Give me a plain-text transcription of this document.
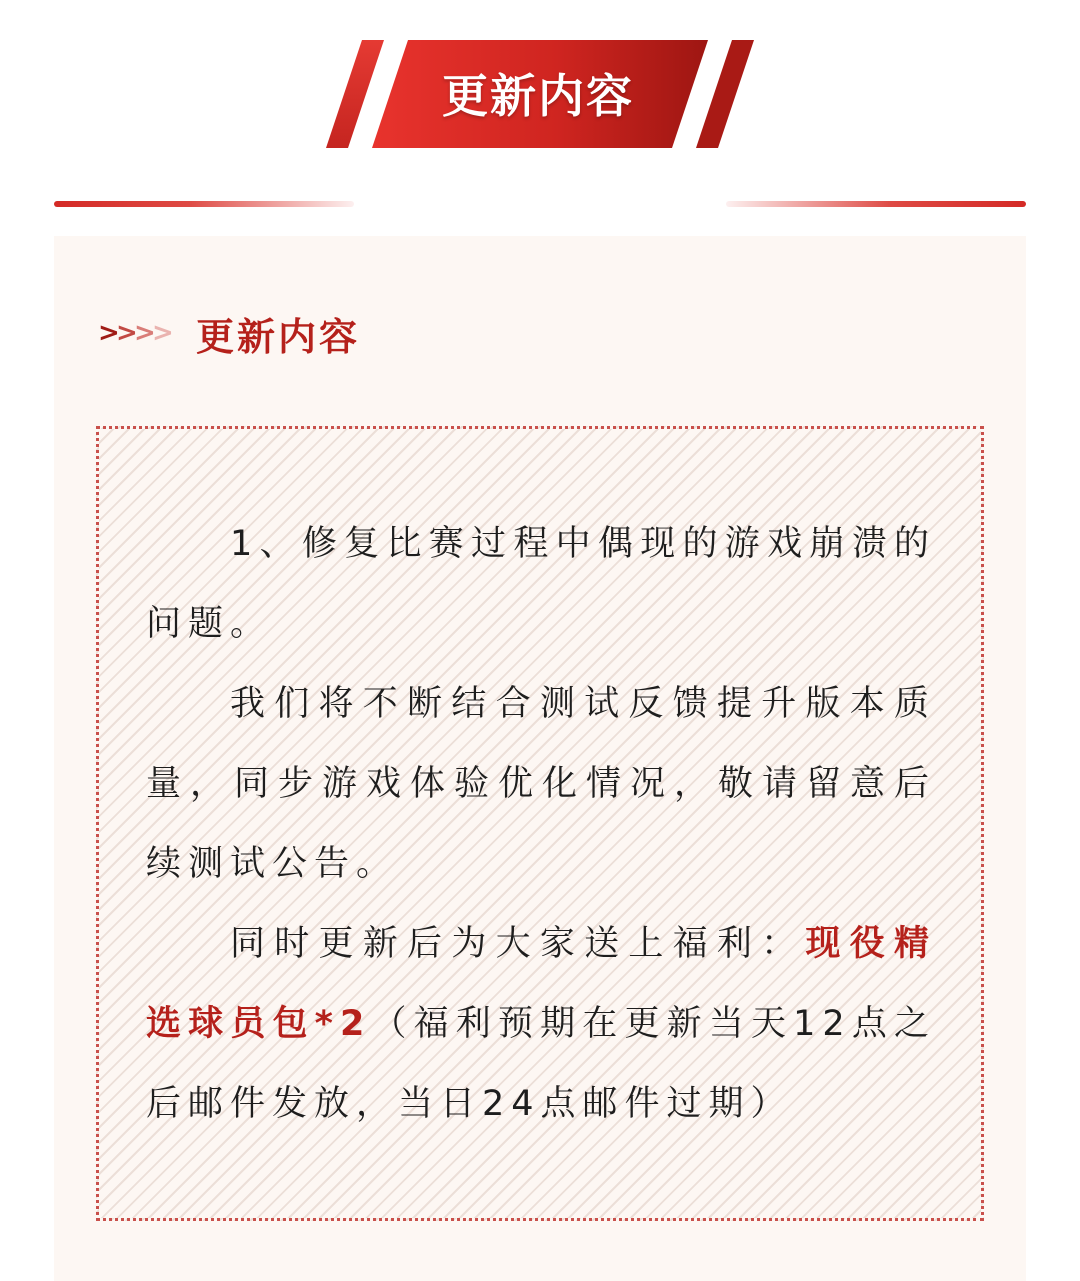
更新内容
>
>
>
> 更新内容

1、修复比赛过程中偶现的游戏崩溃的问题。

我们将不断结合测试反馈提升版本质量，同步游戏体验优化情况，敬请留意后续测试公告。

同时更新后为大家送上福利：现役精选球员包*2（福利预期在更新当天12点之后邮件发放，当日24点邮件过期）
